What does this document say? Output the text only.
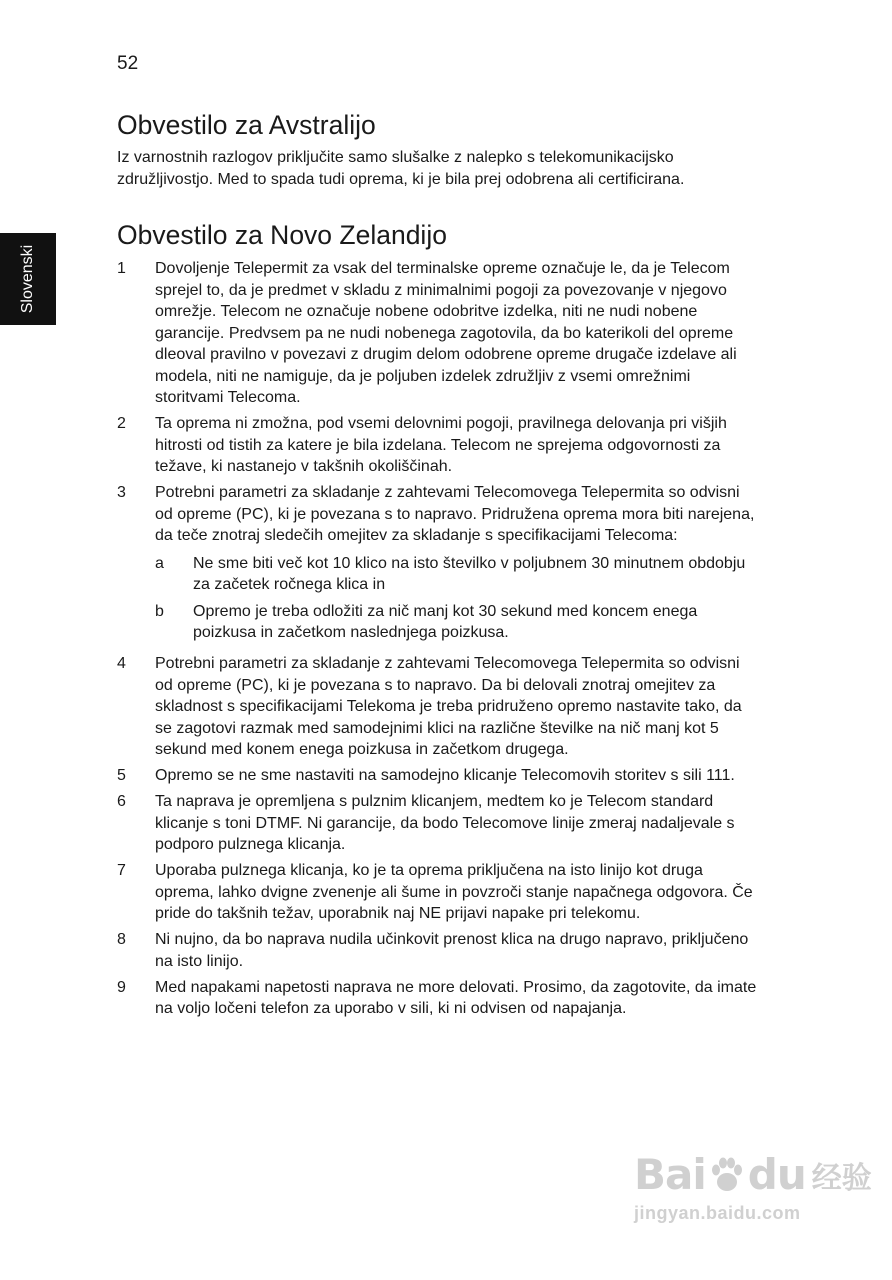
52
Slovenski
Obvestilo za Avstralijo

Iz varnostnih razlogov priključite samo slušalke z nalepko s telekomunikacijsko združljivostjo. Med to spada tudi oprema, ki je bila prej odobrena ali certificirana.

Obvestilo za Novo Zelandijo
1	Dovoljenje Telepermit za vsak del terminalske opreme označuje le, da je Telecom sprejel to, da je predmet v skladu z minimalnimi pogoji za povezovanje v njegovo omrežje. Telecom ne označuje nobene odobritve izdelka, niti ne nudi nobene garancije. Predvsem pa ne nudi nobenega zagotovila, da bo katerikoli del opreme dleoval pravilno v povezavi z drugim delom odobrene opreme drugače izdelave ali modela, niti ne namiguje, da je poljuben izdelek združljiv z vsemi omrežnimi storitvami Telecoma.
2	Ta oprema ni zmožna, pod vsemi delovnimi pogoji, pravilnega delovanja pri višjih hitrosti od tistih za katere je bila izdelana. Telecom ne sprejema odgovornosti za težave, ki nastanejo v takšnih okoliščinah.
3	Potrebni parametri za skladanje z zahtevami Telecomovega Telepermita so odvisni od opreme (PC), ki je povezana s to napravo. Pridružena oprema mora biti narejena, da teče znotraj sledečih omejitev za skladanje s specifikacijami Telecoma:
a	Ne sme biti več kot 10 klico na isto številko v poljubnem 30 minutnem obdobju za začetek ročnega klica in
b	Opremo je treba odložiti za nič manj kot 30 sekund med koncem enega poizkusa in začetkom naslednjega poizkusa.
4	Potrebni parametri za skladanje z zahtevami Telecomovega Telepermita so odvisni od opreme (PC), ki je povezana s to napravo. Da bi delovali znotraj omejitev za skladnost s specifikacijami Telekoma je treba pridruženo opremo nastavite tako, da se zagotovi razmak med samodejnimi klici na različne številke na nič manj kot 5 sekund med konem enega poizkusa in začetkom drugega.
5	Opremo se ne sme nastaviti na samodejno klicanje Telecomovih storitev s sili 111.
6	Ta naprava je opremljena s pulznim klicanjem, medtem ko je Telecom standard klicanje s toni DTMF. Ni garancije, da bodo Telecomove linije zmeraj nadaljevale s podporo pulznega klicanja.
7	Uporaba pulznega klicanja, ko je ta oprema priključena na isto linijo kot druga oprema, lahko dvigne zvenenje ali šume in povzroči stanje napačnega odgovora. Če pride do takšnih težav, uporabnik naj NE prijavi napake pri telekomu.
8	Ni nujno, da bo naprava nudila učinkovit prenost klica na drugo napravo, priključeno na isto linijo.
9	Med napakami napetosti naprava ne more delovati. Prosimo, da zagotovite, da imate na voljo ločeni telefon za uporabo v sili, ki ni odvisen od napajanja.
Bai du 经验
jingyan.baidu.com
